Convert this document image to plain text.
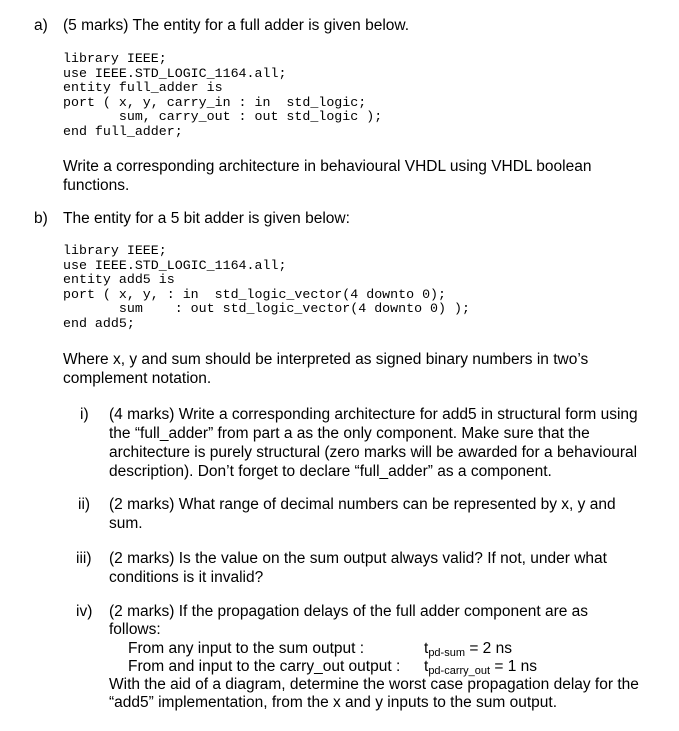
a) (5 marks) The entity for a full adder is given below.
library IEEE;
use IEEE.STD_LOGIC_1164.all;
entity full_adder is
port ( x, y, carry_in : in  std_logic;
sum, carry_out : out std_logic );
end full_adder;
Write a corresponding architecture in behavioural VHDL using VHDL boolean
functions.
b) The entity for a 5 bit adder is given below:
library IEEE;
use IEEE.STD_LOGIC_1164.all;
entity add5 is
port ( x, y, : in  std_logic_vector(4 downto 0);
sum    : out std_logic_vector(4 downto 0) );
end add5;
Where x, y and sum should be interpreted as signed binary numbers in two’s
complement notation.
i) (4 marks) Write a corresponding architecture for add5 in structural form using
the “full_adder” from part a as the only component. Make sure that the
architecture is purely structural (zero marks will be awarded for a behavioural
description). Don’t forget to declare “full_adder” as a component.
ii) (2 marks) What range of decimal numbers can be represented by x, y and
sum.
iii) (2 marks) Is the value on the sum output always valid? If not, under what
conditions is it invalid?
iv) (2 marks) If the propagation delays of the full adder component are as
follows:
From any input to the sum output :	tpd-sum = 2 ns
From and input to the carry_out output : tpd-carry_out = 1 ns
With the aid of a diagram, determine the worst case propagation delay for the
“add5” implementation, from the x and y inputs to the sum output.
